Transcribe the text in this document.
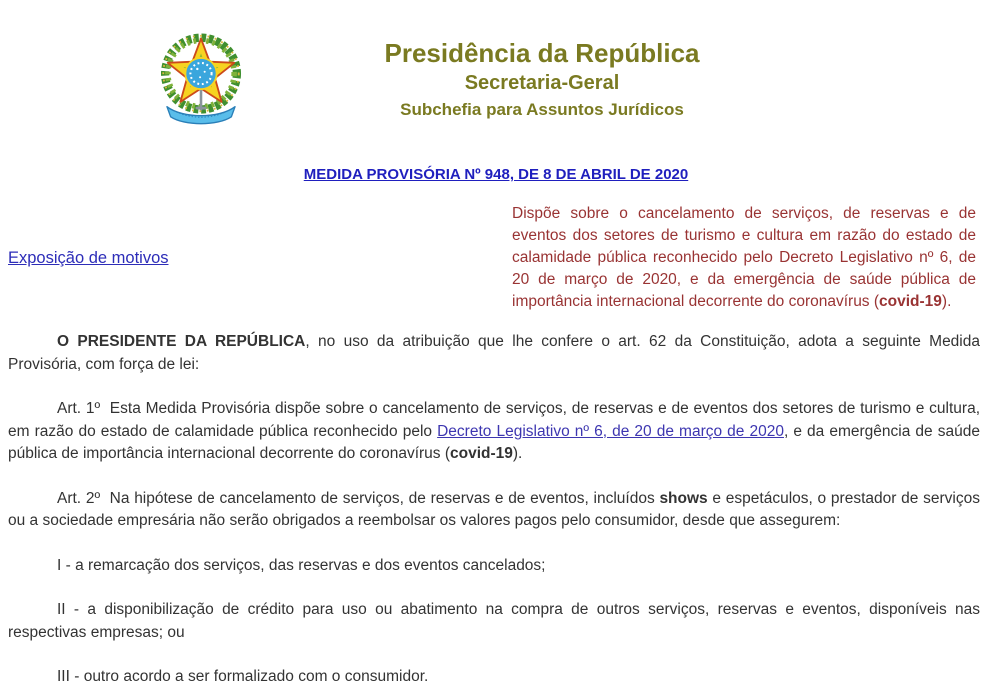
Presidência da República
Secretaria-Geral
Subchefia para Assuntos Jurídicos
MEDIDA PROVISÓRIA Nº 948, DE 8 DE ABRIL DE 2020
Exposição de motivos
Dispõe sobre o cancelamento de serviços, de reservas e de eventos dos setores de turismo e cultura em razão do estado de calamidade pública reconhecido pelo Decreto Legislativo nº 6, de 20 de março de 2020, e da emergência de saúde pública de importância internacional decorrente do coronavírus (covid-19).

O PRESIDENTE DA REPÚBLICA, no uso da atribuição que lhe confere o art. 62 da Constituição, adota a seguinte Medida Provisória, com força de lei:

Art. 1º  Esta Medida Provisória dispõe sobre o cancelamento de serviços, de reservas e de eventos dos setores de turismo e cultura, em razão do estado de calamidade pública reconhecido pelo Decreto Legislativo nº 6, de 20 de março de 2020, e da emergência de saúde pública de importância internacional decorrente do coronavírus (covid-19).

Art. 2º  Na hipótese de cancelamento de serviços, de reservas e de eventos, incluídos shows e espetáculos, o prestador de serviços ou a sociedade empresária não serão obrigados a reembolsar os valores pagos pelo consumidor, desde que assegurem:

I - a remarcação dos serviços, das reservas e dos eventos cancelados;

II - a disponibilização de crédito para uso ou abatimento na compra de outros serviços, reservas e eventos, disponíveis nas respectivas empresas; ou

III - outro acordo a ser formalizado com o consumidor.
